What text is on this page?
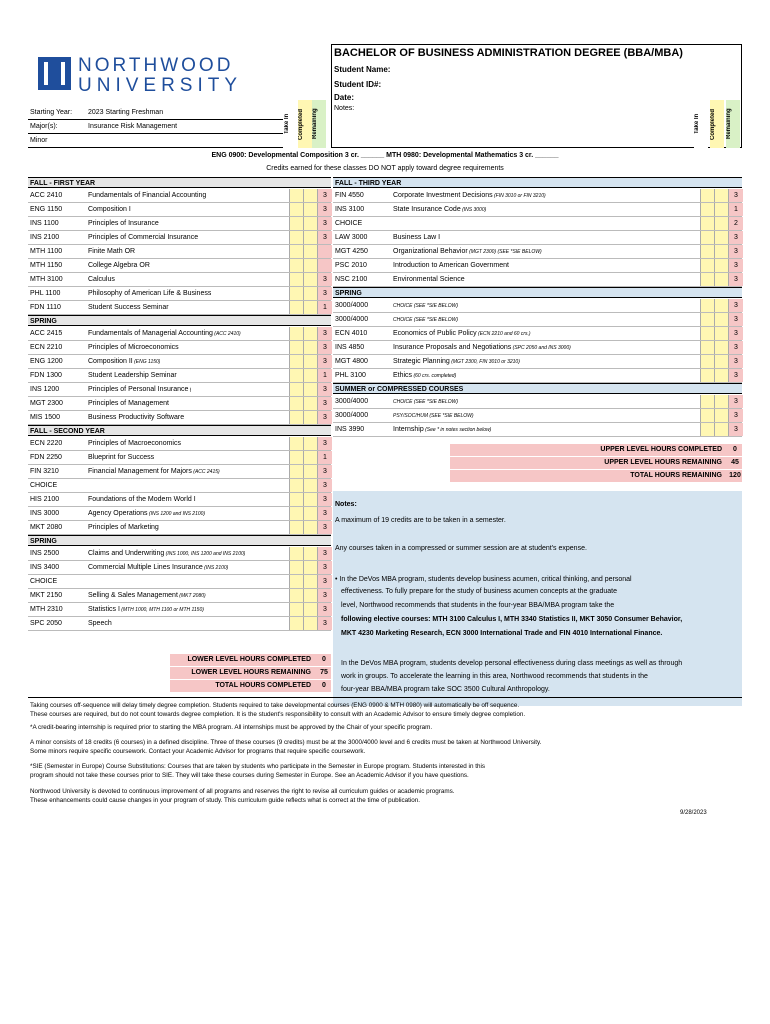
NORTHWOOD
UNIVERSITY
BACHELOR OF BUSINESS ADMINISTRATION DEGREE (BBA/MBA)
Student Name:
Student ID#:
Date:
Notes:
Starting Year: 2023 Starting Freshman
Major(s):	Insurance Risk Management
Minor
Take In	Completed	Remaining	Take In	Completed	Remaining
ENG 0900: Developmental Composition 3 cr. ______ MTH 0980: Developmental Mathematics 3 cr. ______
Credits earned for these classes DO NOT apply toward degree requirements
FALL - FIRST YEAR
ACC 2410	Fundamentals of Financial Accounting	3
ENG 1150	Composition I	3
INS 1100	Principles of Insurance	3
INS 2100	Principles of Commercial Insurance	3
MTH 1100	Finite Math OR
MTH 1150	College Algebra OR
MTH 3100	Calculus	3
PHL 1100	Philosophy of American Life & Business	3
FDN 1110	Student Success Seminar	1
SPRING
ACC 2415	Fundamentals of Managerial Accounting (ACC 2410)	3
ECN 2210	Principles of Microeconomics	3
ENG 1200	Composition II (ENG 1150)	3
FDN 1300	Student Leadership Seminar	1
INS 1200	Principles of Personal Insurance (	3
MGT 2300	Principles of Management	3
MIS 1500	Business Productivity Software	3
FALL - SECOND YEAR
ECN 2220	Principles of Macroeconomics	3
FDN 2250	Blueprint for Success	1
FIN 3210	Financial Management for Majors (ACC 2415)	3
CHOICE	3
HIS 2100	Foundations of the Modern World I	3
INS 3000	Agency Operations (INS 1200 and INS 2100)	3
MKT 2080	Principles of Marketing	3
SPRING
INS 2500	Claims and Underwriting (INS 1000, INS 1200 and INS 2100)	3
INS 3400	Commercial Multiple Lines Insurance (INS 2100)	3
CHOICE	3
MKT 2150	Selling & Sales Management (MKT 2080)	3
MTH 2310	Statistics I (MTH 1000, MTH 1100 or MTH 1150)	3
SPC 2050	Speech	3
FALL - THIRD YEAR
FIN 4550	Corporate Investment Decisions (FIN 3010 or FIN 3210)	3
INS 3100	State Insurance Code (INS 3000)	1
CHOICE	2
LAW 3000	Business Law I	3
MGT 4250	Organizational Behavior (MGT 2300) (SEE *SIE BELOW)	3
PSC 2010	Introduction to American Government	3
NSC 2100	Environmental Science	3
SPRING
3000/4000	CHOICE (SEE *SIE BELOW)	3
3000/4000	CHOICE (SEE *SIE BELOW)	3
ECN 4010	Economics of Public Policy (ECN 2210 and 60 crs.)	3
INS 4850	Insurance Proposals and Negotiations (SPC 2050 and INS 3000)	3
MGT 4800	Strategic Planning (MGT 2300, FIN 3010 or 3210)	3
PHL 3100	Ethics (60 crs. completed)	3
SUMMER or COMPRESSED COURSES
3000/4000	CHOICE (SEE *SIE BELOW)	3
3000/4000	PSY/SOC/HUM (SEE *SIE BELOW)	3
INS 3990	Internship (See * in notes section below)	3
UPPER LEVEL HOURS COMPLETED	0
UPPER LEVEL HOURS REMAINING	45
TOTAL HOURS REMAINING 120
LOWER LEVEL HOURS COMPLETED	0
LOWER LEVEL HOURS REMAINING	75
TOTAL HOURS COMPLETED	0
Notes:
A maximum of 19 credits are to be taken in a semester.
Any courses taken in a compressed or summer session are at student's expense.
• In the DeVos MBA program, students develop business acumen, critical thinking, and personal
effectiveness. To fully prepare for the study of business acumen concepts at the graduate
level, Northwood recommends that students in the four-year BBA/MBA program take the
following elective courses: MTH 3100 Calculus I, MTH 3340 Statistics II, MKT 3050 Consumer Behavior,
MKT 4230 Marketing Research, ECN 3000 International Trade and FIN 4010 International Finance.
In the DeVos MBA program, students develop personal effectiveness during class meetings as well as through
work in groups. To accelerate the learning in this area, Northwood recommends that students in the
four-year BBA/MBA program take SOC 3500 Cultural Anthropology.
Taking courses off-sequence will delay timely degree completion. Students required to take developmental courses (ENG 0900 & MTH 0980) will automatically be off sequence.
These courses are required, but do not count towards degree completion. It is the student's responsibility to consult with an Academic Advisor to ensure timely degree completion.
*A credit-bearing internship is required prior to starting the MBA program. All internships must be approved by the Chair of your specific program.
A minor consists of 18 credits (6 courses) in a defined discipline. Three of these courses (9 credits) must be at the 3000/4000 level and 6 credits must be taken at Northwood University.
Some minors require specific coursework. Contact your Academic Advisor for programs that require specific coursework.
*SIE (Semester in Europe) Course Substitutions: Courses that are taken by students who participate in the Semester in Europe program. Students interested in this
program should not take these courses prior to SIE. They will take these courses during Semester in Europe. See an Academic Advisor if you have questions.
Northwood University is devoted to continuous improvement of all programs and reserves the right to revise all curriculum guides or academic programs.
These enhancements could cause changes in your program of study. This curriculum guide reflects what is correct at the time of publication.
9/28/2023
